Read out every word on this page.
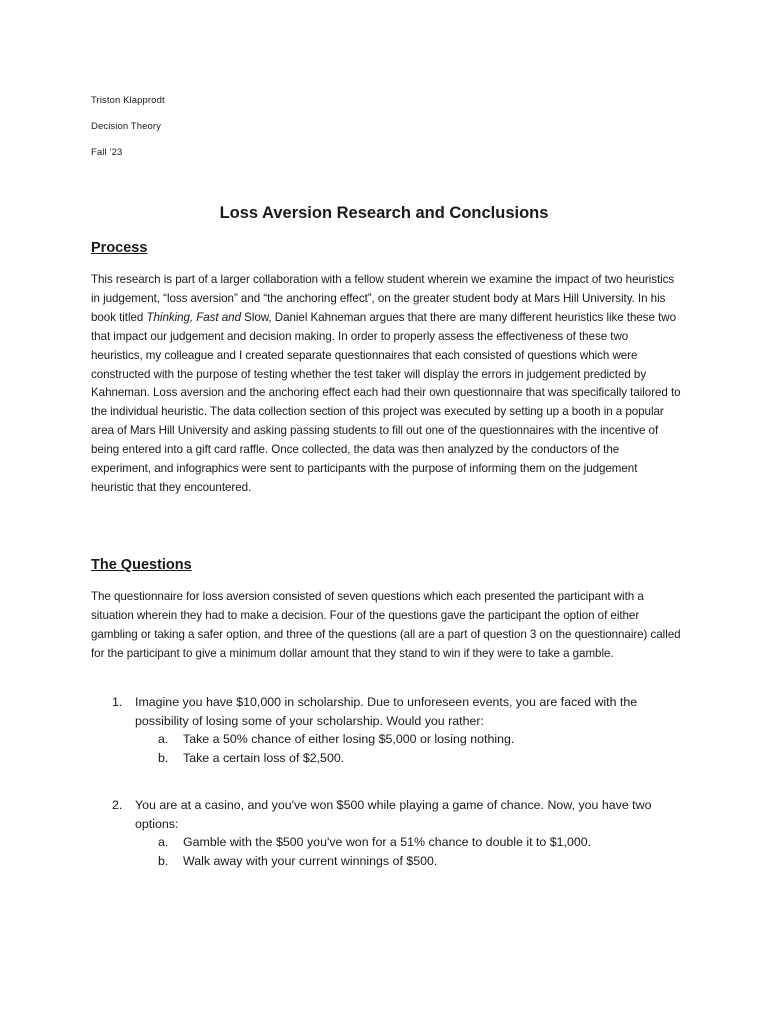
Triston Klapprodt
Decision Theory
Fall ‘23
Loss Aversion Research and Conclusions
Process
This research is part of a larger collaboration with a fellow student wherein we examine the impact of two heuristics in judgement, “loss aversion” and “the anchoring effect”, on the greater student body at Mars Hill University. In his book titled Thinking, Fast and Slow, Daniel Kahneman argues that there are many different heuristics like these two that impact our judgement and decision making. In order to properly assess the effectiveness of these two heuristics, my colleague and I created separate questionnaires that each consisted of questions which were constructed with the purpose of testing whether the test taker will display the errors in judgement predicted by Kahneman. Loss aversion and the anchoring effect each had their own questionnaire that was specifically tailored to the individual heuristic. The data collection section of this project was executed by setting up a booth in a popular area of Mars Hill University and asking passing students to fill out one of the questionnaires with the incentive of being entered into a gift card raffle. Once collected, the data was then analyzed by the conductors of the experiment, and infographics were sent to participants with the purpose of informing them on the judgement heuristic that they encountered.
The Questions
The questionnaire for loss aversion consisted of seven questions which each presented the participant with a situation wherein they had to make a decision. Four of the questions gave the participant the option of either gambling or taking a safer option, and three of the questions (all are a part of question 3 on the questionnaire) called for the participant to give a minimum dollar amount that they stand to win if they were to take a gamble.
1. Imagine you have $10,000 in scholarship. Due to unforeseen events, you are faced with the possibility of losing some of your scholarship. Would you rather:
a. Take a 50% chance of either losing $5,000 or losing nothing.
b. Take a certain loss of $2,500.
2. You are at a casino, and you've won $500 while playing a game of chance. Now, you have two options:
a. Gamble with the $500 you've won for a 51% chance to double it to $1,000.
b. Walk away with your current winnings of $500.
